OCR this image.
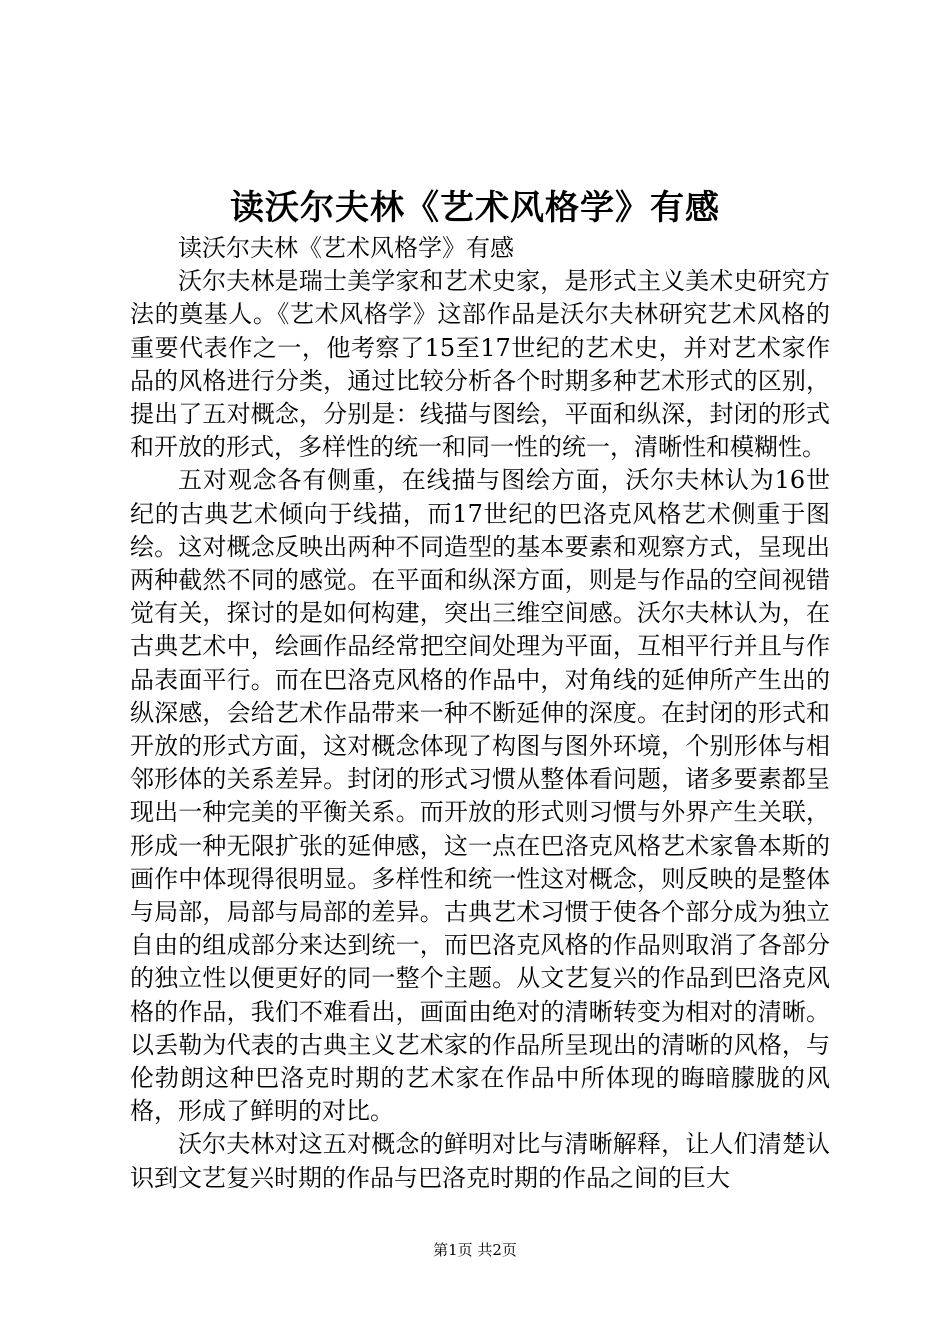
读沃尔夫林《艺术风格学》有感

读沃尔夫林《艺术风格学》有感

沃尔夫林是瑞士美学家和艺术史家，是形式主义美术史研究方法的奠基人。《艺术风格学》这部作品是沃尔夫林研究艺术风格的重要代表作之一，他考察了15至17世纪的艺术史，并对艺术家作品的风格进行分类，通过比较分析各个时期多种艺术形式的区别，提出了五对概念，分别是：线描与图绘，平面和纵深，封闭的形式和开放的形式，多样性的统一和同一性的统一，清晰性和模糊性。

五对观念各有侧重，在线描与图绘方面，沃尔夫林认为16世纪的古典艺术倾向于线描，而17世纪的巴洛克风格艺术侧重于图绘。这对概念反映出两种不同造型的基本要素和观察方式，呈现出两种截然不同的感觉。在平面和纵深方面，则是与作品的空间视错觉有关，探讨的是如何构建，突出三维空间感。沃尔夫林认为，在古典艺术中，绘画作品经常把空间处理为平面，互相平行并且与作品表面平行。而在巴洛克风格的作品中，对角线的延伸所产生出的纵深感，会给艺术作品带来一种不断延伸的深度。在封闭的形式和开放的形式方面，这对概念体现了构图与图外环境，个别形体与相邻形体的关系差异。封闭的形式习惯从整体看问题，诸多要素都呈现出一种完美的平衡关系。而开放的形式则习惯与外界产生关联，形成一种无限扩张的延伸感，这一点在巴洛克风格艺术家鲁本斯的画作中体现得很明显。多样性和统一性这对概念，则反映的是整体与局部，局部与局部的差异。古典艺术习惯于使各个部分成为独立自由的组成部分来达到统一，而巴洛克风格的作品则取消了各部分的独立性以便更好的同一整个主题。从文艺复兴的作品到巴洛克风格的作品，我们不难看出，画面由绝对的清晰转变为相对的清晰。以丢勒为代表的古典主义艺术家的作品所呈现出的清晰的风格，与伦勃朗这种巴洛克时期的艺术家在作品中所体现的晦暗朦胧的风格，形成了鲜明的对比。

沃尔夫林对这五对概念的鲜明对比与清晰解释，让人们清楚认识到文艺复兴时期的作品与巴洛克时期的作品之间的巨大

第1页 共2页
